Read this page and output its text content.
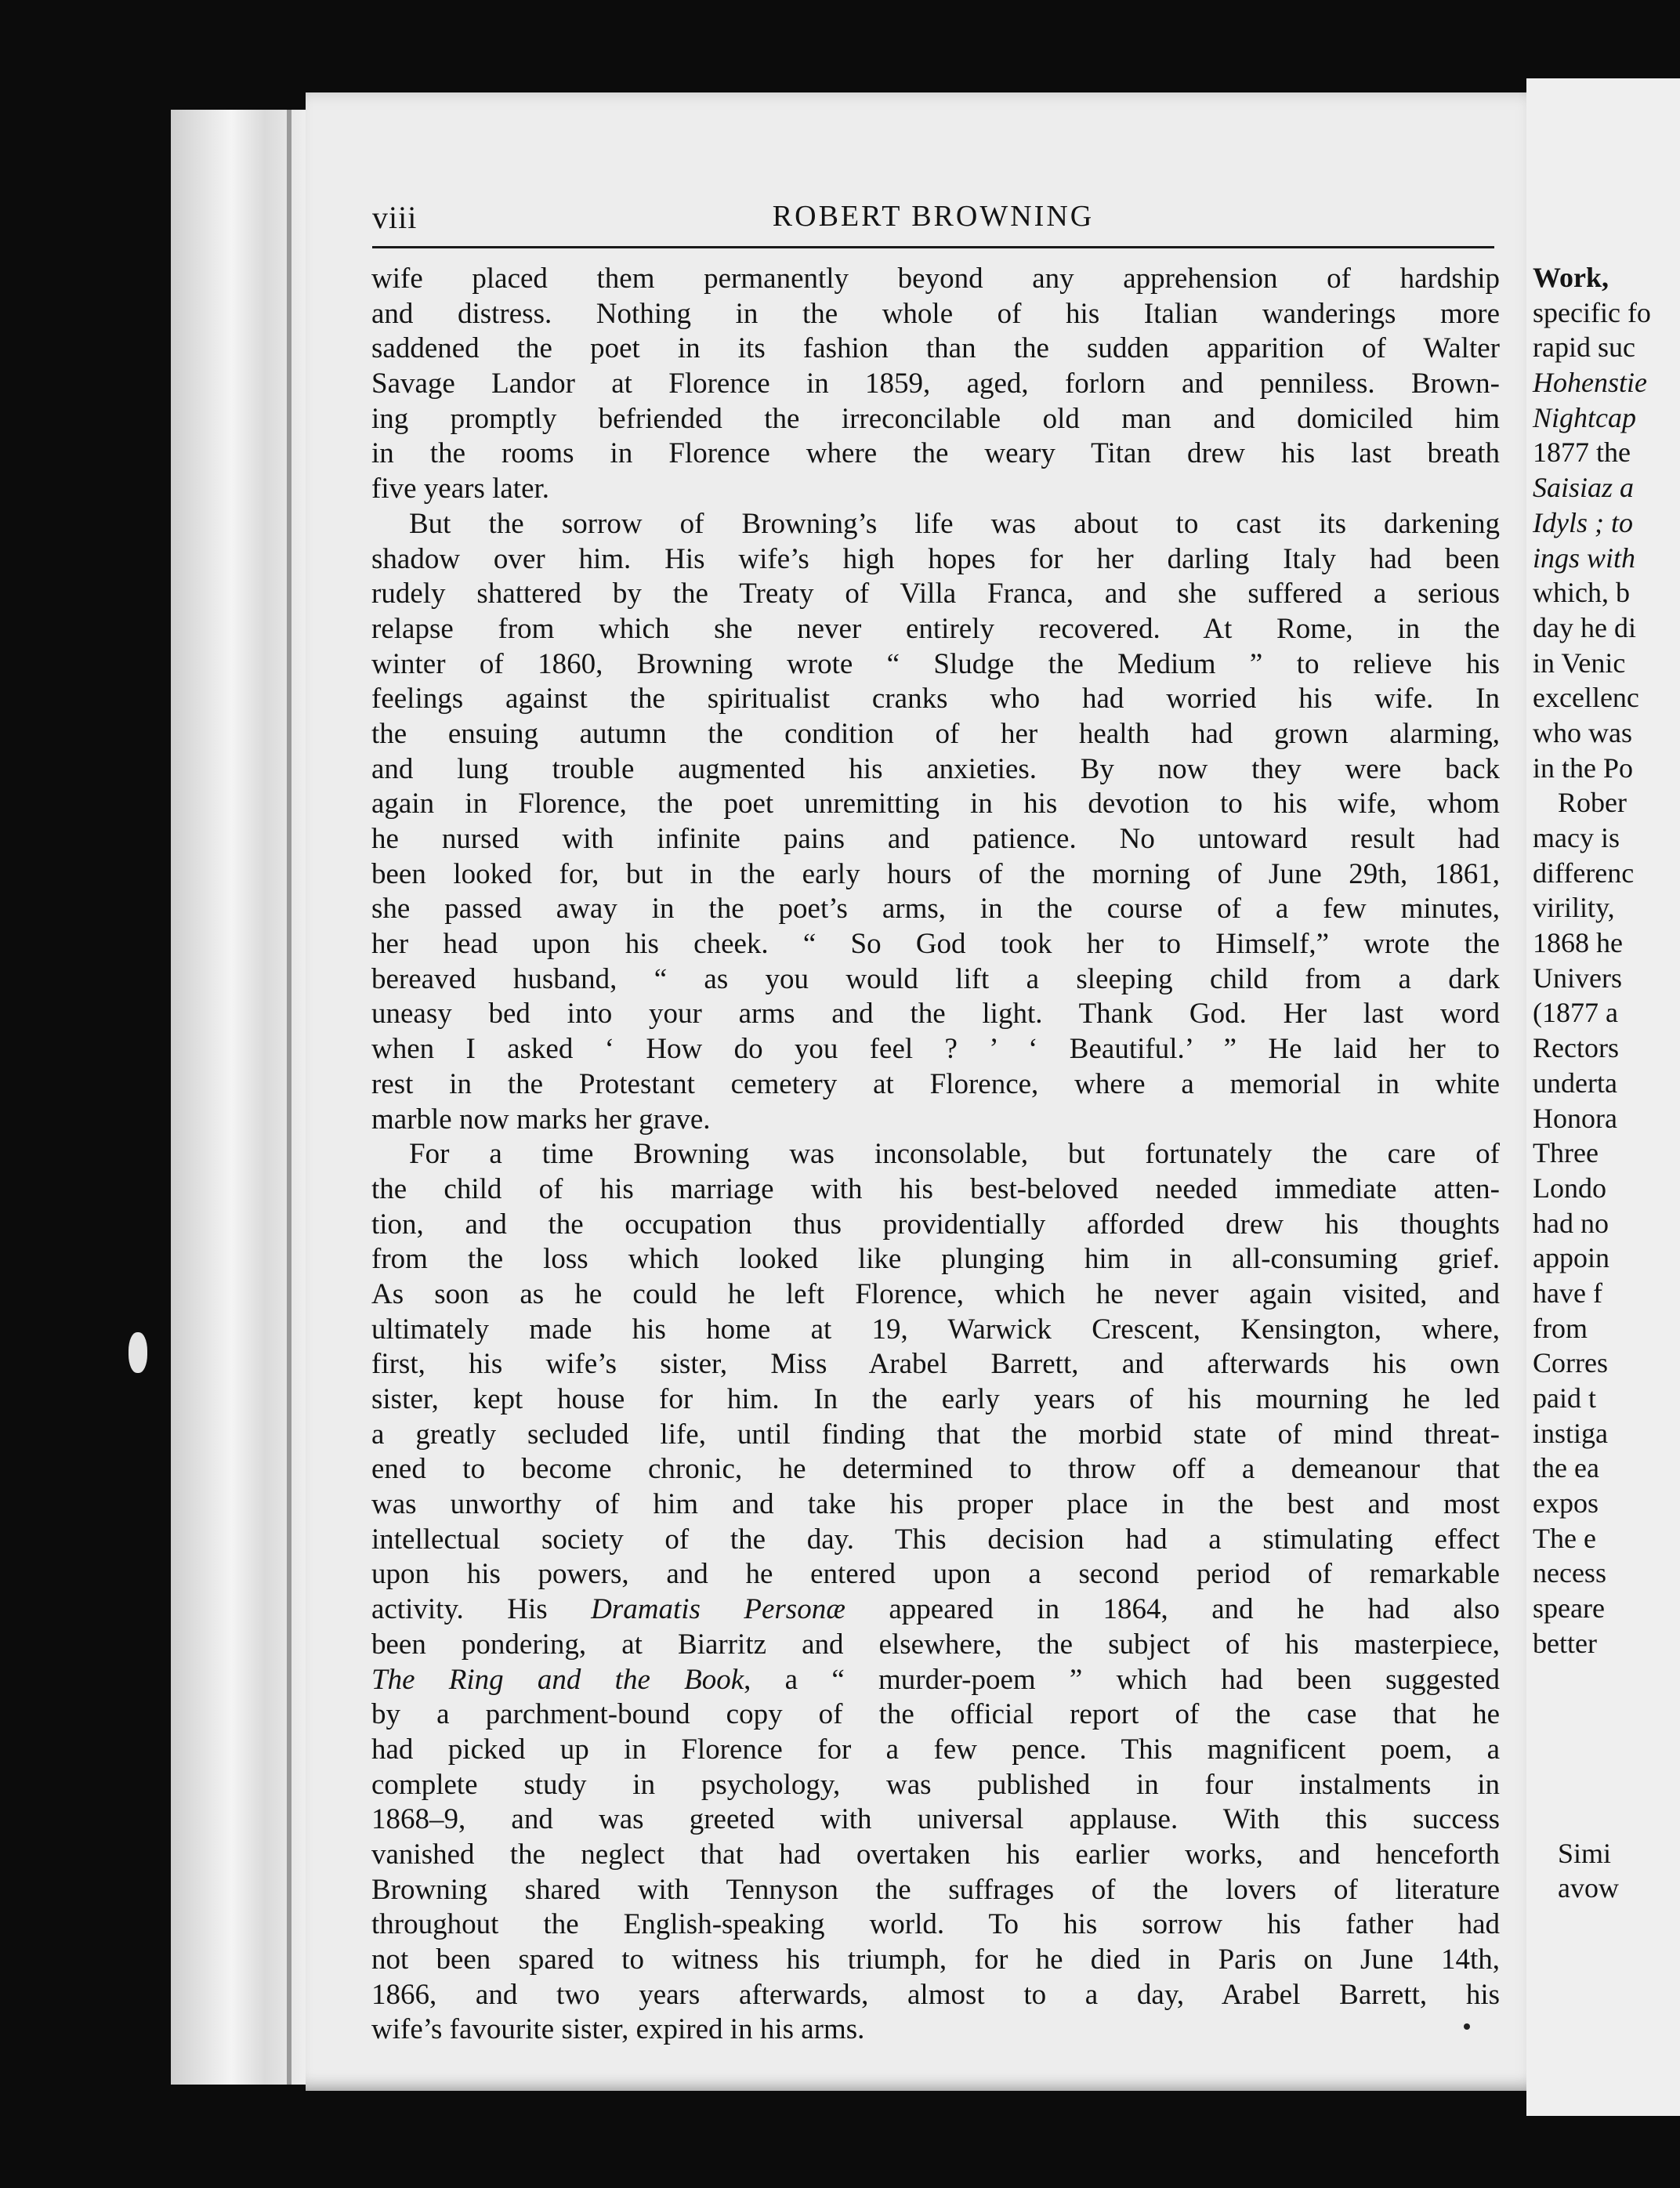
Work,
specific fo
rapid suc
Hohenstie
Nightcap
1877 the
Saisiaz a
Idyls ; to
ings with
which, b
day he di
in Venic
excellenc
who was
in the Po
Rober
macy is
differenc
virility,
1868 he
Univers
(1877 a
Rectors
underta
Honora
Three
Londo
had no
appoin
have f
from
Corres
paid t
instiga
the ea
expos
The e
necess
speare
better
Simi
avow
viii	ROBERT BROWNING
wife placed them permanently beyond any apprehension of hardship
and distress. Nothing in the whole of his Italian wanderings more
saddened the poet in its fashion than the sudden apparition of Walter
Savage Landor at Florence in 1859, aged, forlorn and penniless. Brown-
ing promptly befriended the irreconcilable old man and domiciled him
in the rooms in Florence where the weary Titan drew his last breath
five years later.
But the sorrow of Browning’s life was about to cast its darkening
shadow over him. His wife’s high hopes for her darling Italy had been
rudely shattered by the Treaty of Villa Franca, and she suffered a serious
relapse from which she never entirely recovered. At Rome, in the
winter of 1860, Browning wrote “ Sludge the Medium ” to relieve his
feelings against the spiritualist cranks who had worried his wife. In
the ensuing autumn the condition of her health had grown alarming,
and lung trouble augmented his anxieties. By now they were back
again in Florence, the poet unremitting in his devotion to his wife, whom
he nursed with infinite pains and patience. No untoward result had
been looked for, but in the early hours of the morning of June 29th, 1861,
she passed away in the poet’s arms, in the course of a few minutes,
her head upon his cheek. “ So God took her to Himself,” wrote the
bereaved husband, “ as you would lift a sleeping child from a dark
uneasy bed into your arms and the light. Thank God. Her last word
when I asked ‘ How do you feel ? ’ ‘ Beautiful.’ ” He laid her to
rest in the Protestant cemetery at Florence, where a memorial in white
marble now marks her grave.
For a time Browning was inconsolable, but fortunately the care of
the child of his marriage with his best-beloved needed immediate atten-
tion, and the occupation thus providentially afforded drew his thoughts
from the loss which looked like plunging him in all-consuming grief.
As soon as he could he left Florence, which he never again visited, and
ultimately made his home at 19, Warwick Crescent, Kensington, where,
first, his wife’s sister, Miss Arabel Barrett, and afterwards his own
sister, kept house for him. In the early years of his mourning he led
a greatly secluded life, until finding that the morbid state of mind threat-
ened to become chronic, he determined to throw off a demeanour that
was unworthy of him and take his proper place in the best and most
intellectual society of the day. This decision had a stimulating effect
upon his powers, and he entered upon a second period of remarkable
activity. His Dramatis Personæ appeared in 1864, and he had also
been pondering, at Biarritz and elsewhere, the subject of his masterpiece,
The Ring and the Book, a “ murder-poem ” which had been suggested
by a parchment-bound copy of the official report of the case that he
had picked up in Florence for a few pence. This magnificent poem, a
complete study in psychology, was published in four instalments in
1868–9, and was greeted with universal applause. With this success
vanished the neglect that had overtaken his earlier works, and henceforth
Browning shared with Tennyson the suffrages of the lovers of literature
throughout the English-speaking world. To his sorrow his father had
not been spared to witness his triumph, for he died in Paris on June 14th,
1866, and two years afterwards, almost to a day, Arabel Barrett, his
wife’s favourite sister, expired in his arms.
